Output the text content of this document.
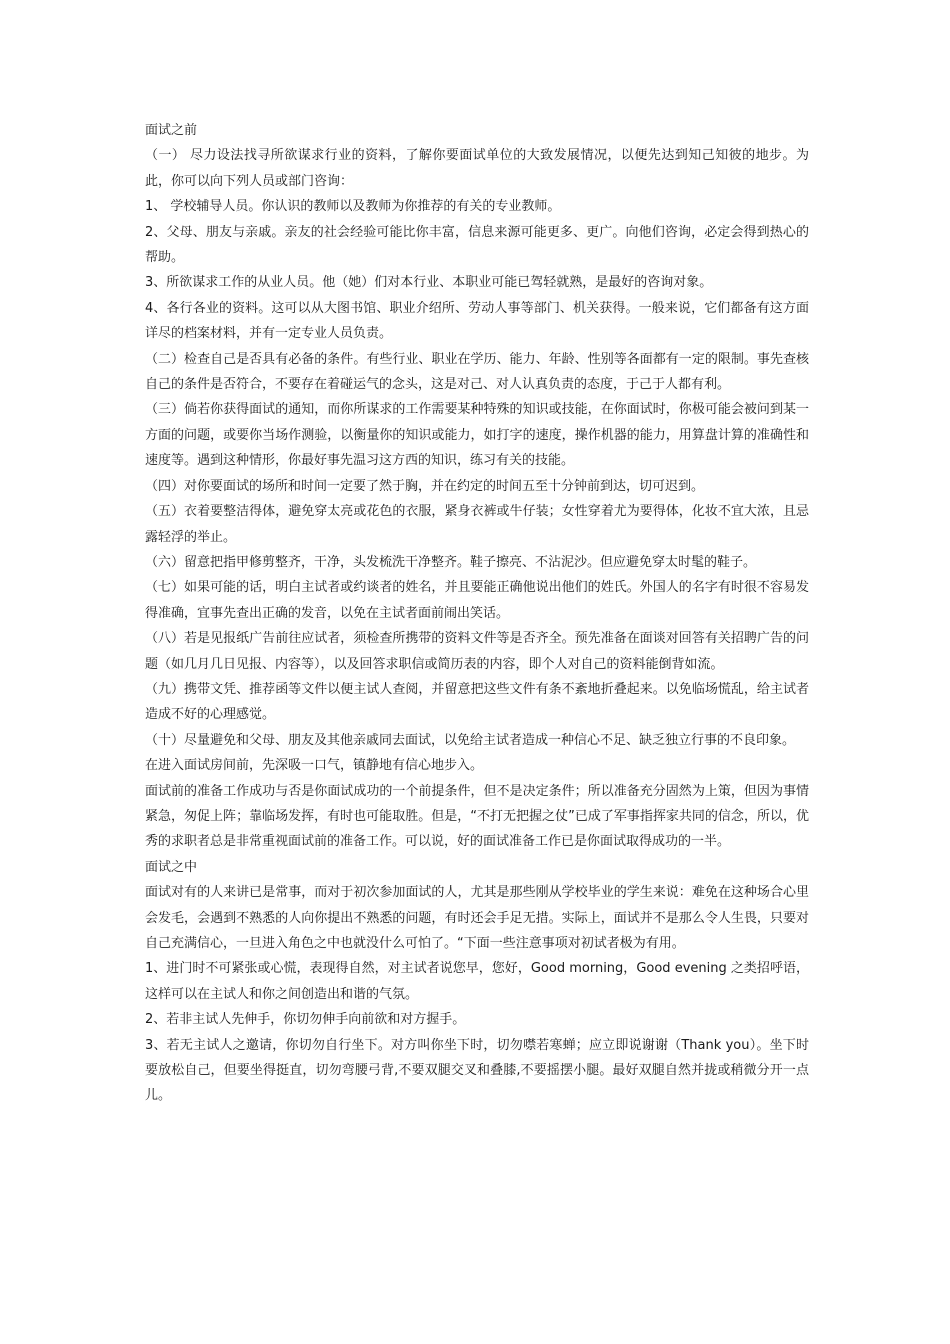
面试之前

（一） 尽力设法找寻所欲谋求行业的资料，了解你要面试单位的大致发展情况，以便先达到知己知彼的地步。为此，你可以向下列人员或部门咨询：

1、 学校辅导人员。你认识的教师以及教师为你推荐的有关的专业教师。

2、父母、朋友与亲戚。亲友的社会经验可能比你丰富，信息来源可能更多、更广。向他们咨询，必定会得到热心的帮助。

3、所欲谋求工作的从业人员。他（她）们对本行业、本职业可能已驾轻就熟，是最好的咨询对象。

4、各行各业的资料。这可以从大图书馆、职业介绍所、劳动人事等部门、机关获得。一般来说，它们都备有这方面详尽的档案材料，并有一定专业人员负责。

（二）检查自己是否具有必备的条件。有些行业、职业在学历、能力、年龄、性别等各面都有一定的限制。事先查核自己的条件是否符合，不要存在着碰运气的念头，这是对己、对人认真负责的态度，于己于人都有利。

（三）倘若你获得面试的通知，而你所谋求的工作需要某种特殊的知识或技能，在你面试时，你极可能会被问到某一方面的问题，或要你当场作测验，以衡量你的知识或能力，如打字的速度，操作机器的能力，用算盘计算的准确性和速度等。遇到这种情形，你最好事先温习这方西的知识，练习有关的技能。

（四）对你要面试的场所和时间一定要了然于胸，并在约定的时间五至十分钟前到达，切可迟到。

（五）衣着要整洁得体，避免穿太亮或花色的衣服，紧身衣裤或牛仔装；女性穿着尤为要得体，化妆不宜大浓，且忌露轻浮的举止。

（六）留意把指甲修剪整齐，干净，头发梳洗干净整齐。鞋子擦亮、不沾泥沙。但应避免穿太时髦的鞋子。

（七）如果可能的话，明白主试者或约谈者的姓名，并且要能正确他说出他们的姓氏。外国人的名字有时很不容易发得准确，宜事先查出正确的发音，以免在主试者面前闹出笑话。

（八）若是见报纸广告前往应试者，须检查所携带的资料文件等是否齐全。预先准备在面谈对回答有关招聘广告的问题（如几月几日见报、内容等），以及回答求职信或简历表的内容，即个人对自己的资料能倒背如流。

（九）携带文凭、推荐函等文件以便主试人查阅，并留意把这些文件有条不紊地折叠起来。以免临场慌乱，给主试者造成不好的心理感觉。

（十）尽量避免和父母、朋友及其他亲戚同去面试，以免给主试者造成一种信心不足、缺乏独立行事的不良印象。

在进入面试房间前，先深吸一口气，镇静地有信心地步入。

面试前的准备工作成功与否是你面试成功的一个前提条件，但不是决定条件；所以准备充分固然为上策，但因为事情紧急，匆促上阵；靠临场发挥，有时也可能取胜。但是，“不打无把握之仗”已成了军事指挥家共同的信念，所以，优秀的求职者总是非常重视面试前的准备工作。可以说，好的面试准备工作已是你面试取得成功的一半。

面试之中

面试对有的人来讲已是常事，而对于初次参加面试的人，尤其是那些刚从学校毕业的学生来说：难免在这种场合心里会发毛，会遇到不熟悉的人向你提出不熟悉的问题，有时还会手足无措。实际上，面试并不是那么令人生畏，只要对自己充满信心，一旦进入角色之中也就没什么可怕了。“下面一些注意事项对初试者极为有用。

1、进门时不可紧张或心慌，表现得自然，对主试者说您早，您好，Good morning，Good evening 之类招呼语，这样可以在主试人和你之间创造出和谐的气氛。

2、若非主试人先伸手，你切勿伸手向前欲和对方握手。

3、若无主试人之邀请，你切勿自行坐下。对方叫你坐下时，切勿噤若寒蝉；应立即说谢谢（Thank you）。坐下时要放松自己，但要坐得挺直，切勿弯腰弓背,不要双腿交叉和叠膝,不要摇摆小腿。最好双腿自然并拢或稍微分开一点儿。
